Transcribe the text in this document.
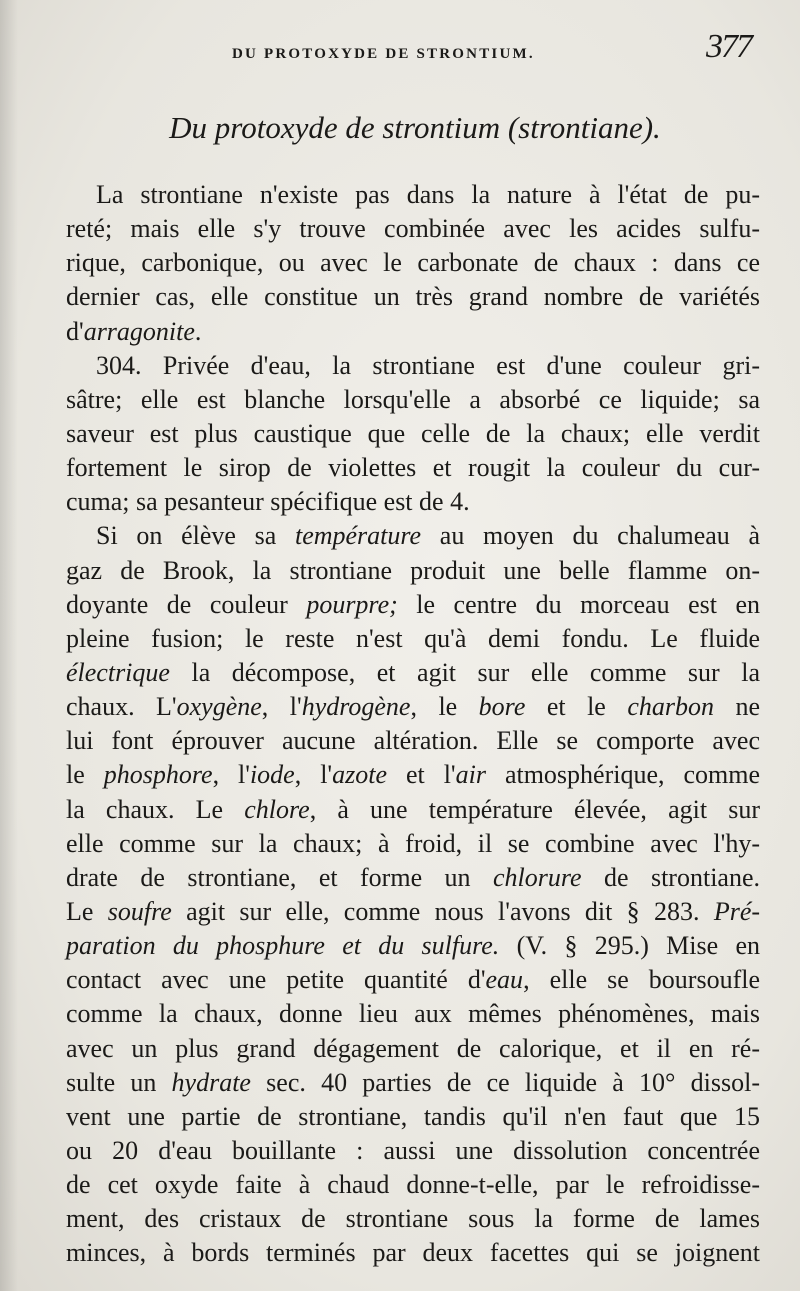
DU PROTOXYDE DE STRONTIUM.	377
Du protoxyde de strontium (strontiane).
La strontiane n'existe pas dans la nature à l'état de pu-
reté; mais elle s'y trouve combinée avec les acides sulfu-
rique, carbonique, ou avec le carbonate de chaux : dans ce
dernier cas, elle constitue un très grand nombre de variétés
d'arragonite.
304. Privée d'eau, la strontiane est d'une couleur gri-
sâtre; elle est blanche lorsqu'elle a absorbé ce liquide; sa
saveur est plus caustique que celle de la chaux; elle verdit
fortement le sirop de violettes et rougit la couleur du cur-
cuma; sa pesanteur spécifique est de 4.
Si on élève sa température au moyen du chalumeau à
gaz de Brook, la strontiane produit une belle flamme on-
doyante de couleur pourpre; le centre du morceau est en
pleine fusion; le reste n'est qu'à demi fondu. Le fluide
électrique la décompose, et agit sur elle comme sur la
chaux. L'oxygène, l'hydrogène, le bore et le charbon ne
lui font éprouver aucune altération. Elle se comporte avec
le phosphore, l'iode, l'azote et l'air atmosphérique, comme
la chaux. Le chlore, à une température élevée, agit sur
elle comme sur la chaux; à froid, il se combine avec l'hy-
drate de strontiane, et forme un chlorure de strontiane.
Le soufre agit sur elle, comme nous l'avons dit § 283. Pré-
paration du phosphure et du sulfure. (V. § 295.) Mise en
contact avec une petite quantité d'eau, elle se boursoufle
comme la chaux, donne lieu aux mêmes phénomènes, mais
avec un plus grand dégagement de calorique, et il en ré-
sulte un hydrate sec. 40 parties de ce liquide à 10° dissol-
vent une partie de strontiane, tandis qu'il n'en faut que 15
ou 20 d'eau bouillante : aussi une dissolution concentrée
de cet oxyde faite à chaud donne-t-elle, par le refroidisse-
ment, des cristaux de strontiane sous la forme de lames
minces, à bords terminés par deux facettes qui se joignent
